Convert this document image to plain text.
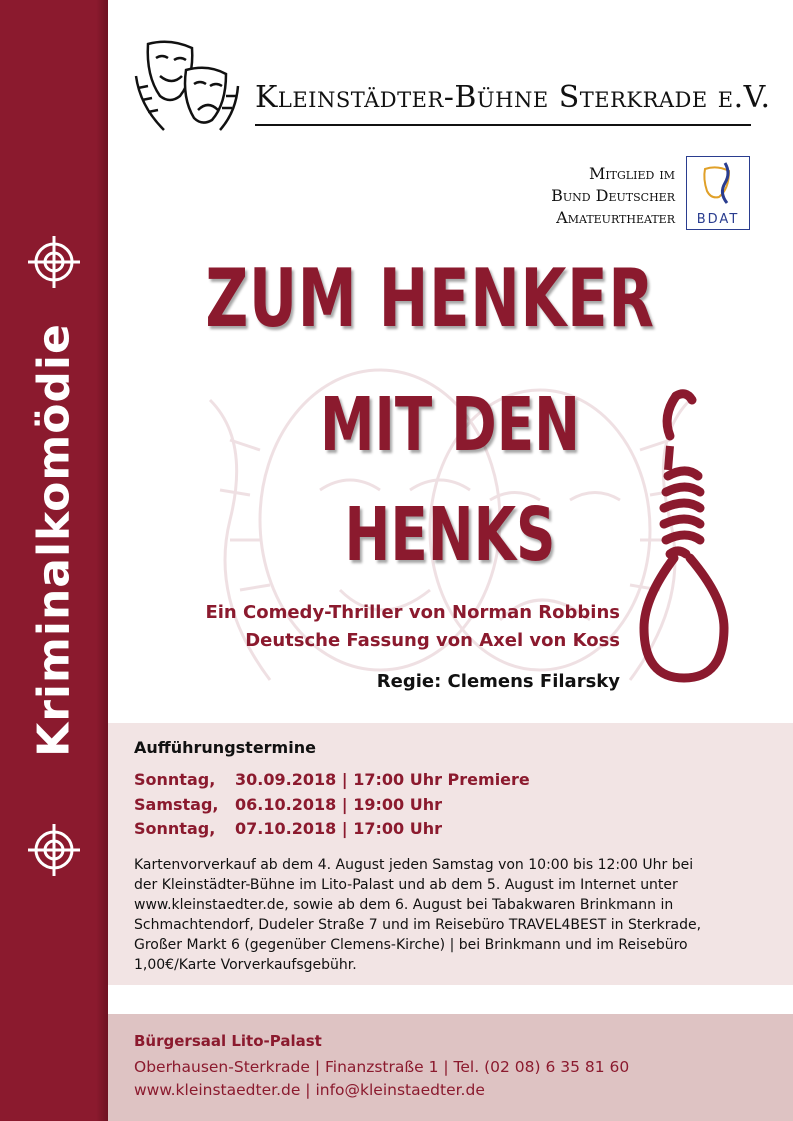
Kriminalkomödie
Kleinstädter-Bühne Sterkrade e.V.
Mitglied im
Bund Deutscher
Amateurtheater	BDAT
ZUM HENKER
MIT DEN
HENKS
Ein Comedy-Thriller von Norman Robbins
Deutsche Fassung von Axel von Koss
Regie: Clemens Filarsky
Aufführungstermine
Sonntag, 30.09.2018 | 17:00 Uhr Premiere
Samstag, 06.10.2018 | 19:00 Uhr
Sonntag, 07.10.2018 | 17:00 Uhr
Kartenvorverkauf ab dem 4. August jeden Samstag von 10:00 bis 12:00 Uhr bei
der Kleinstädter-Bühne im Lito-Palast und ab dem 5. August im Internet unter
www.kleinstaedter.de, sowie ab dem 6. August bei Tabakwaren Brinkmann in
Schmachtendorf, Dudeler Straße 7 und im Reisebüro TRAVEL4BEST in Sterkrade,
Großer Markt 6 (gegenüber Clemens-Kirche) | bei Brinkmann und im Reisebüro
1,00€/Karte Vorverkaufsgebühr.
Bürgersaal Lito-Palast
Oberhausen-Sterkrade | Finanzstraße 1 | Tel. (02 08) 6 35 81 60
www.kleinstaedter.de | info@kleinstaedter.de
